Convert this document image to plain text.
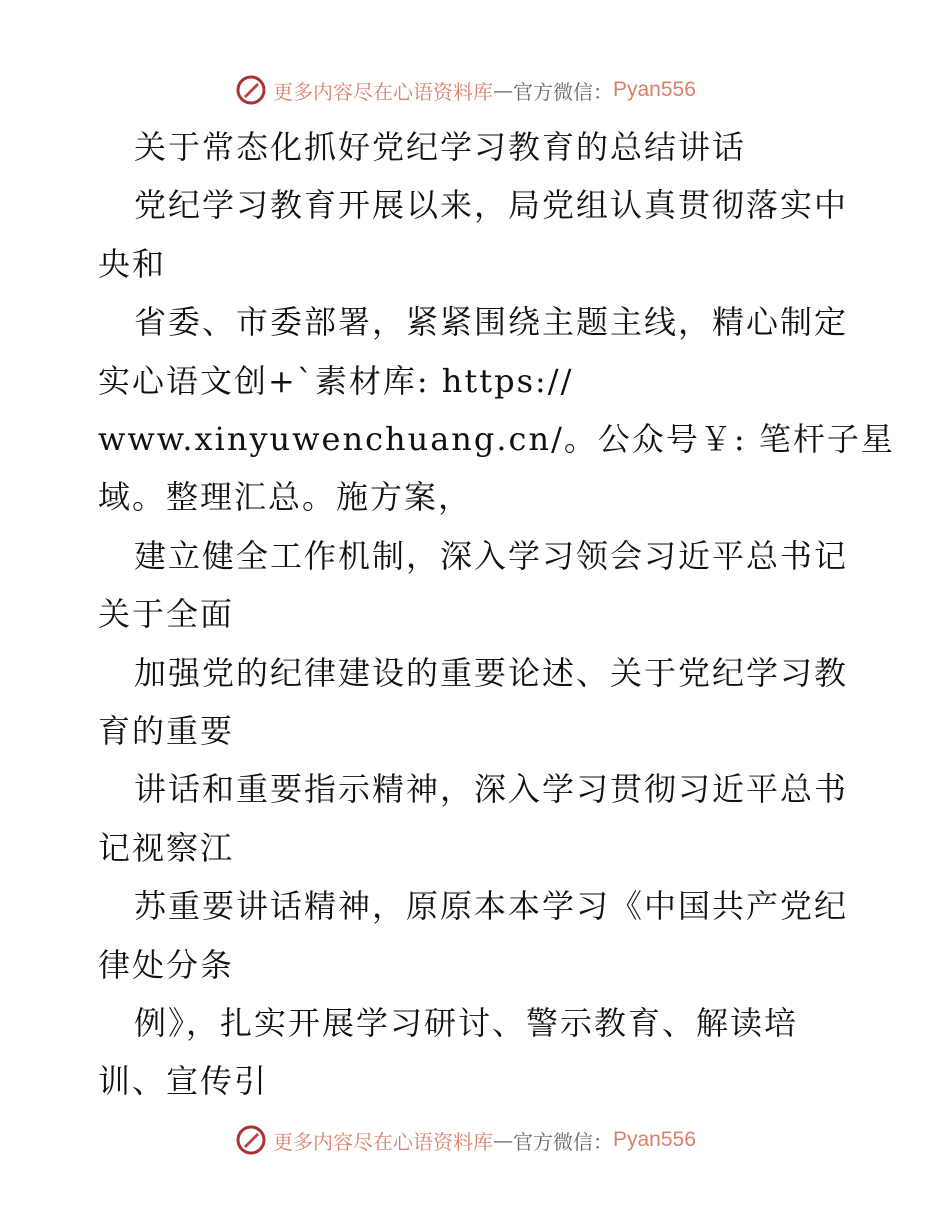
更多内容尽在心语资料库 — 官方微信： Pyan556
关于常态化抓好党纪学习教育的总结讲话
党纪学习教育开展以来，局党组认真贯彻落实中
央和
省委、市委部署，紧紧围绕主题主线，精心制定
实心语文创+`素材库: https://
www.xinyuwenchuang.cn/。公众号￥: 笔杆子星
域。整理汇总。施方案，
建立健全工作机制，深入学习领会习近平总书记
关于全面
加强党的纪律建设的重要论述、关于党纪学习教
育的重要
讲话和重要指示精神，深入学习贯彻习近平总书
记视察江
苏重要讲话精神，原原本本学习《中国共产党纪
律处分条
例》，扎实开展学习研讨、警示教育、解读培
训、宣传引
更多内容尽在心语资料库 — 官方微信： Pyan556
